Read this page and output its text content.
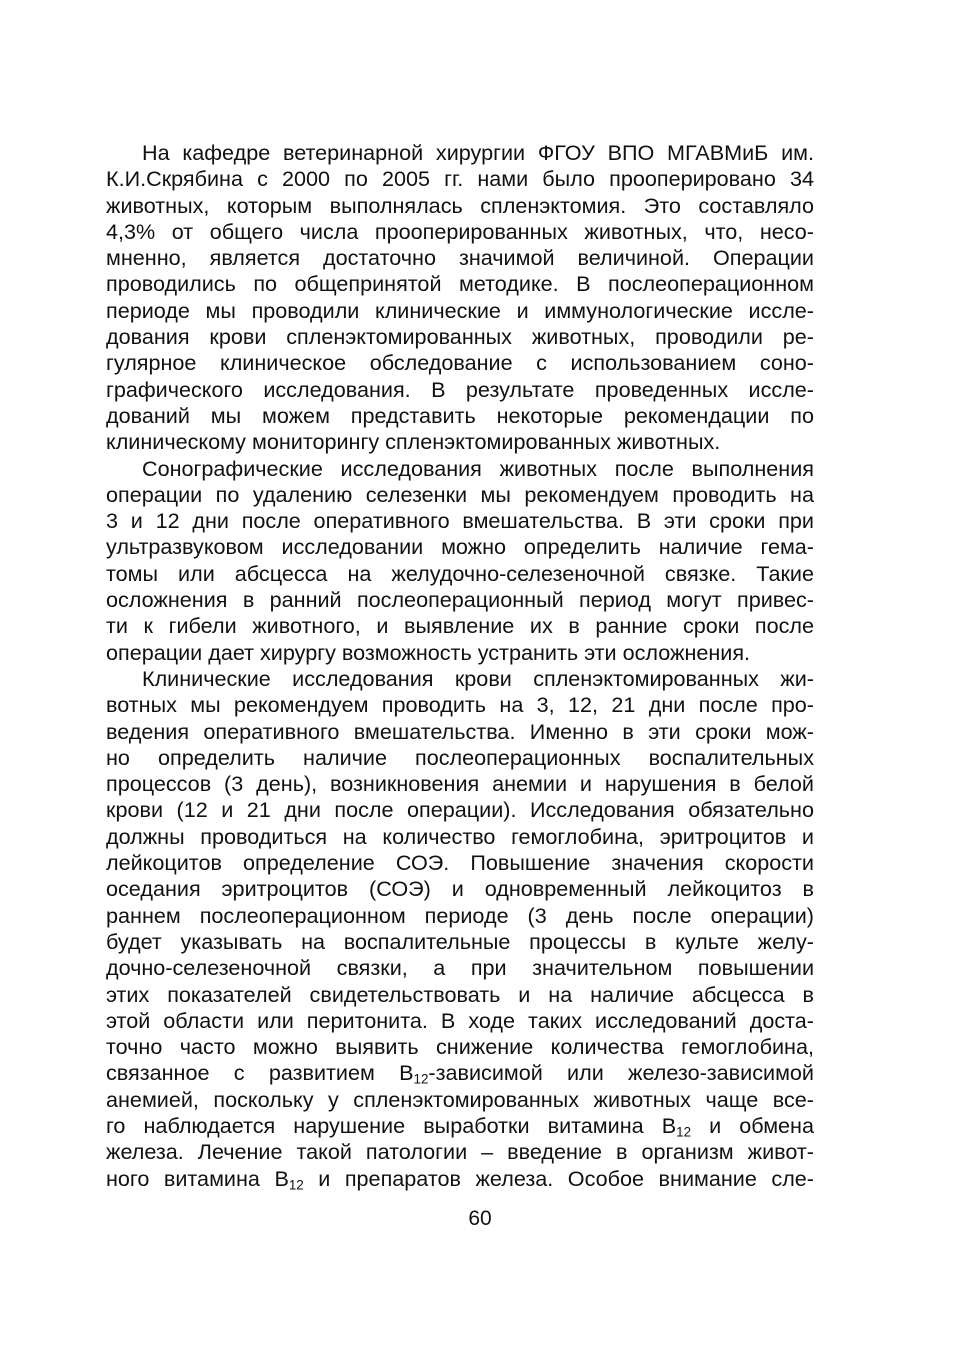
На кафедре ветеринарной хирургии ФГОУ ВПО МГАВМиБ им.
К.И.Скрябина с 2000 по 2005 гг. нами было прооперировано 34
животных, которым выполнялась спленэктомия. Это составляло
4,3% от общего числа прооперированных животных, что, несо-
мненно, является достаточно значимой величиной. Операции
проводились по общепринятой методике. В послеоперационном
периоде мы проводили клинические и иммунологические иссле-
дования крови спленэктомированных животных, проводили ре-
гулярное клиническое обследование с использованием соно-
графического исследования. В результате проведенных иссле-
дований мы можем представить некоторые рекомендации по
клиническому мониторингу спленэктомированных животных.
Сонографические исследования животных после выполнения
операции по удалению селезенки мы рекомендуем проводить на
3 и 12 дни после оперативного вмешательства. В эти сроки при
ультразвуковом исследовании можно определить наличие гема-
томы или абсцесса на желудочно-селезеночной связке. Такие
осложнения в ранний послеоперационный период могут привес-
ти к гибели животного, и выявление их в ранние сроки после
операции дает хирургу возможность устранить эти осложнения.
Клинические исследования крови спленэктомированных жи-
вотных мы рекомендуем проводить на 3, 12, 21 дни после про-
ведения оперативного вмешательства. Именно в эти сроки мож-
но определить наличие послеоперационных воспалительных
процессов (3 день), возникновения анемии и нарушения в белой
крови (12 и 21 дни после операции). Исследования обязательно
должны проводиться на количество гемоглобина, эритроцитов и
лейкоцитов определение СОЭ. Повышение значения скорости
оседания эритроцитов (СОЭ) и одновременный лейкоцитоз в
раннем послеоперационном периоде (3 день после операции)
будет указывать на воспалительные процессы в культе желу-
дочно-селезеночной связки, а при значительном повышении
этих показателей свидетельствовать и на наличие абсцесса в
этой области или перитонита. В ходе таких исследований доста-
точно часто можно выявить снижение количества гемоглобина,
связанное с развитием $B_{12}$-зависимой или железо-зависимой
анемией, поскольку у спленэктомированных животных чаще все-
го наблюдается нарушение выработки витамина $B_{12}$ и обмена
железа. Лечение такой патологии – введение в организм живот-
ного витамина $B_{12}$ и препаратов железа. Особое внимание сле-
60
